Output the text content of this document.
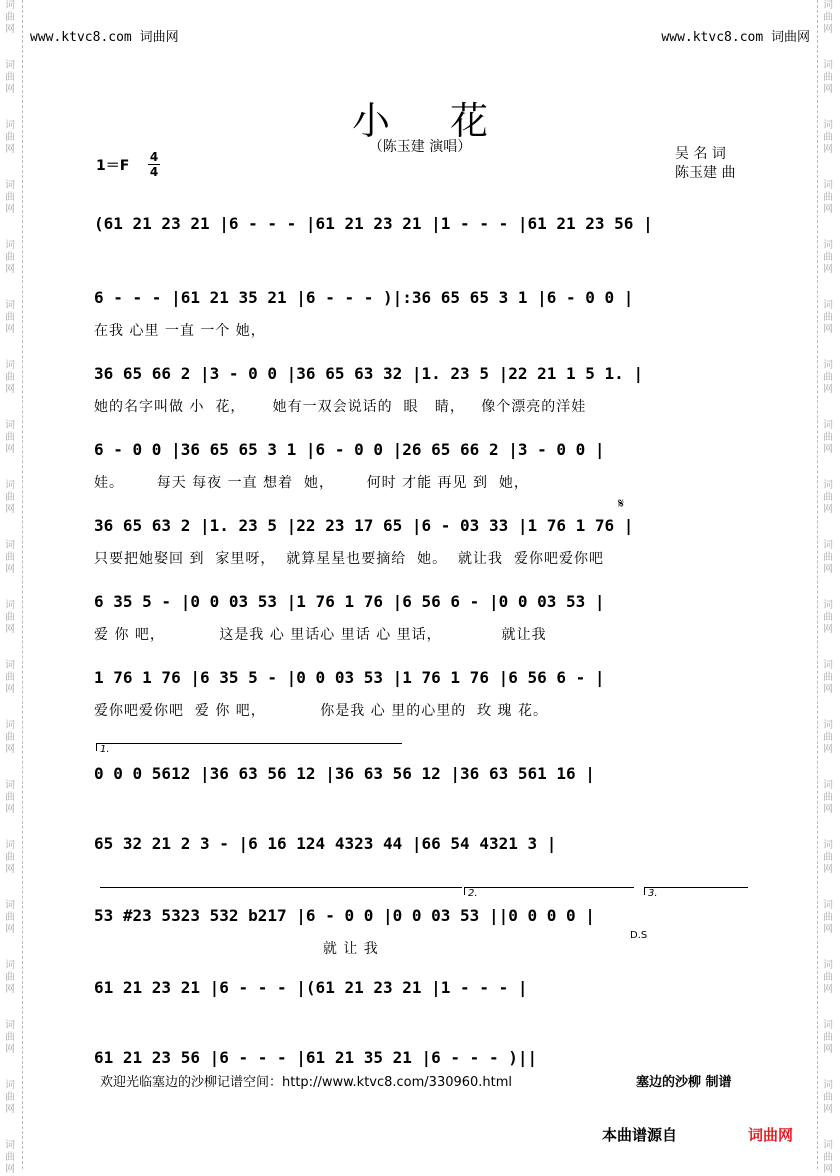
词曲网
词曲网
词曲网
词曲网
词曲网
词曲网
词曲网
词曲网
词曲网
词曲网
词曲网
词曲网
词曲网
词曲网
词曲网
词曲网
词曲网
词曲网
词曲网
词曲网
词曲网
词曲网
词曲网
词曲网
词曲网
词曲网
词曲网
词曲网
词曲网
词曲网
词曲网
词曲网
词曲网
词曲网
词曲网
词曲网
词曲网
词曲网
词曲网
词曲网
www.ktvc8.com 词曲网	www.ktvc8.com 词曲网
小花
（陈玉建 演唱）	吴 名 词
陈玉建 曲
1＝F
4
4
(61 21 23 21 |6 - - - |61 21 23 21 |1 - - - |61 21 23 56 |
6 - - - |61 21 35 21 |6 - - - )|:36 65 65 3 1 |6 - 0 0 |
在我 心里 一直 一个 她，
36 65 66 2 |3 - 0 0 |36 65 63 32 |1. 23 5 |22 21 1 5 1. |
她的名字叫做 小  花，     她有一双会说话的  眼   睛，   像个漂亮的洋娃
6 - 0 0 |36 65 65 3 1 |6 - 0 0 |26 65 66 2 |3 - 0 0 |
娃。      每天 每夜 一直 想着  她，      何时 才能 再见 到  她，
36 65 63 2 |1. 23 5 |22 23 17 65 |6 - 03 33 |1 76 1 76 |
只要把她娶回 到  家里呀，  就算星星也要摘给  她。  就让我  爱你吧爱你吧
6 35 5 - |0 0 03 53 |1 76 1 76 |6 56 6 - |0 0 03 53 |
爱 你 吧，          这是我 心 里话心 里话 心 里话，           就让我
1 76 1 76 |6 35 5 - |0 0 03 53 |1 76 1 76 |6 56 6 - |
爱你吧爱你吧  爱 你 吧，          你是我 心 里的心里的  玫 瑰 花。
0 0 0 5612 |36 63 56 12 |36 63 56 12 |36 63 561 16 |
65 32 21 2 3 - |6 16 124 4323 44 |66 54 4321 3 |
53 #23 5323 532 b217 |6 - 0 0 |0 0 03 53 ||0 0 0 0 |
就 让 我
61 21 23 21 |6 - - - |(61 21 23 21 |1 - - - |
61 21 23 56 |6 - - - |61 21 35 21 |6 - - - )||
1.
2.	3.
𝄋
D.S
欢迎光临塞边的沙柳记谱空间：http://www.ktvc8.com/330960.html	塞边的沙柳 制谱
本曲谱源自	词曲网
